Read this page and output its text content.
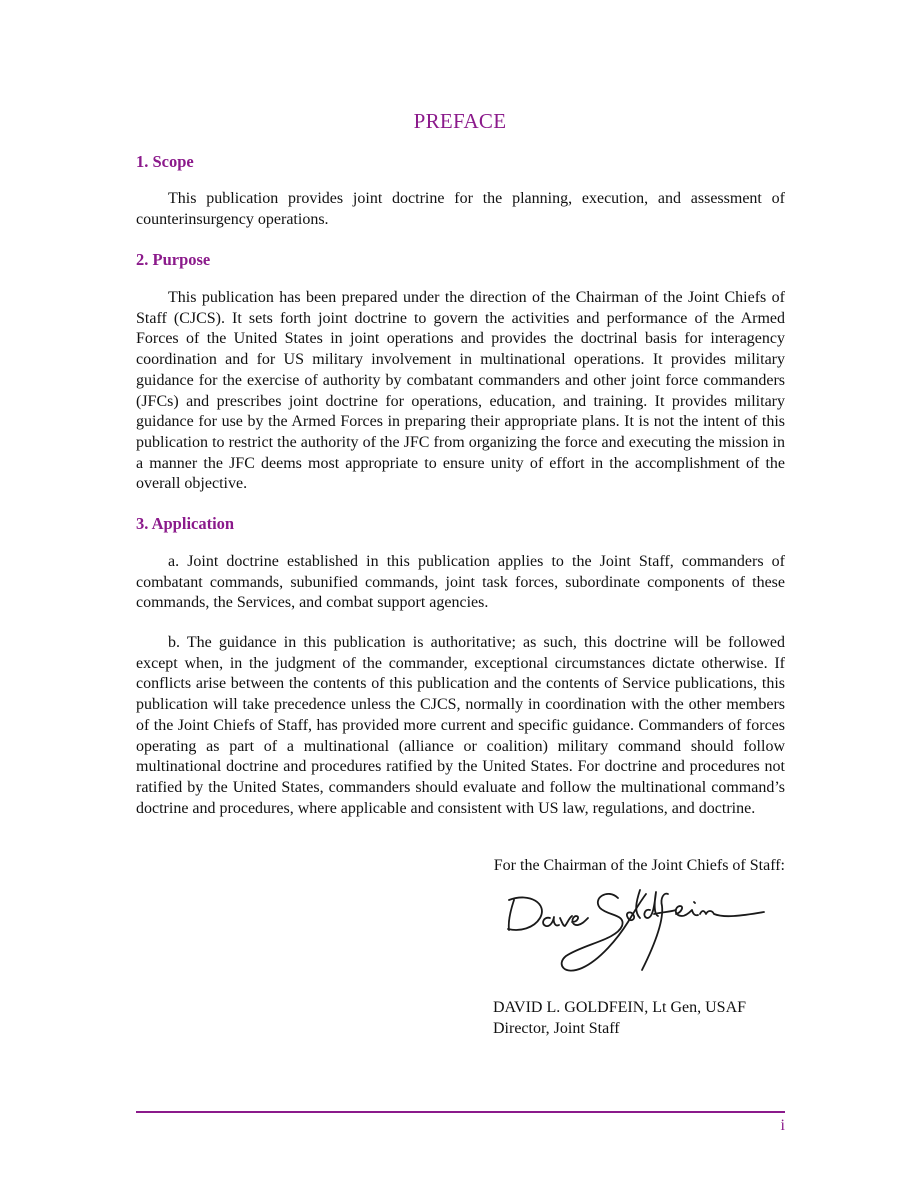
PREFACE
1. Scope

This publication provides joint doctrine for the planning, execution, and assessment of counterinsurgency operations.

2. Purpose

This publication has been prepared under the direction of the Chairman of the Joint Chiefs of Staff (CJCS). It sets forth joint doctrine to govern the activities and performance of the Armed Forces of the United States in joint operations and provides the doctrinal basis for interagency coordination and for US military involvement in multinational operations. It provides military guidance for the exercise of authority by combatant commanders and other joint force commanders (JFCs) and prescribes joint doctrine for operations, education, and training. It provides military guidance for use by the Armed Forces in preparing their appropriate plans. It is not the intent of this publication to restrict the authority of the JFC from organizing the force and executing the mission in a manner the JFC deems most appropriate to ensure unity of effort in the accomplishment of the overall objective.

3. Application

a. Joint doctrine established in this publication applies to the Joint Staff, commanders of combatant commands, subunified commands, joint task forces, subordinate components of these commands, the Services, and combat support agencies.

b. The guidance in this publication is authoritative; as such, this doctrine will be followed except when, in the judgment of the commander, exceptional circumstances dictate otherwise. If conflicts arise between the contents of this publication and the contents of Service publications, this publication will take precedence unless the CJCS, normally in coordination with the other members of the Joint Chiefs of Staff, has provided more current and specific guidance. Commanders of forces operating as part of a multinational (alliance or coalition) military command should follow multinational doctrine and procedures ratified by the United States. For doctrine and procedures not ratified by the United States, commanders should evaluate and follow the multinational command’s doctrine and procedures, where applicable and consistent with US law, regulations, and doctrine.

For the Chairman of the Joint Chiefs of Staff:
DAVID L. GOLDFEIN, Lt Gen, USAF
Director, Joint Staff
i
